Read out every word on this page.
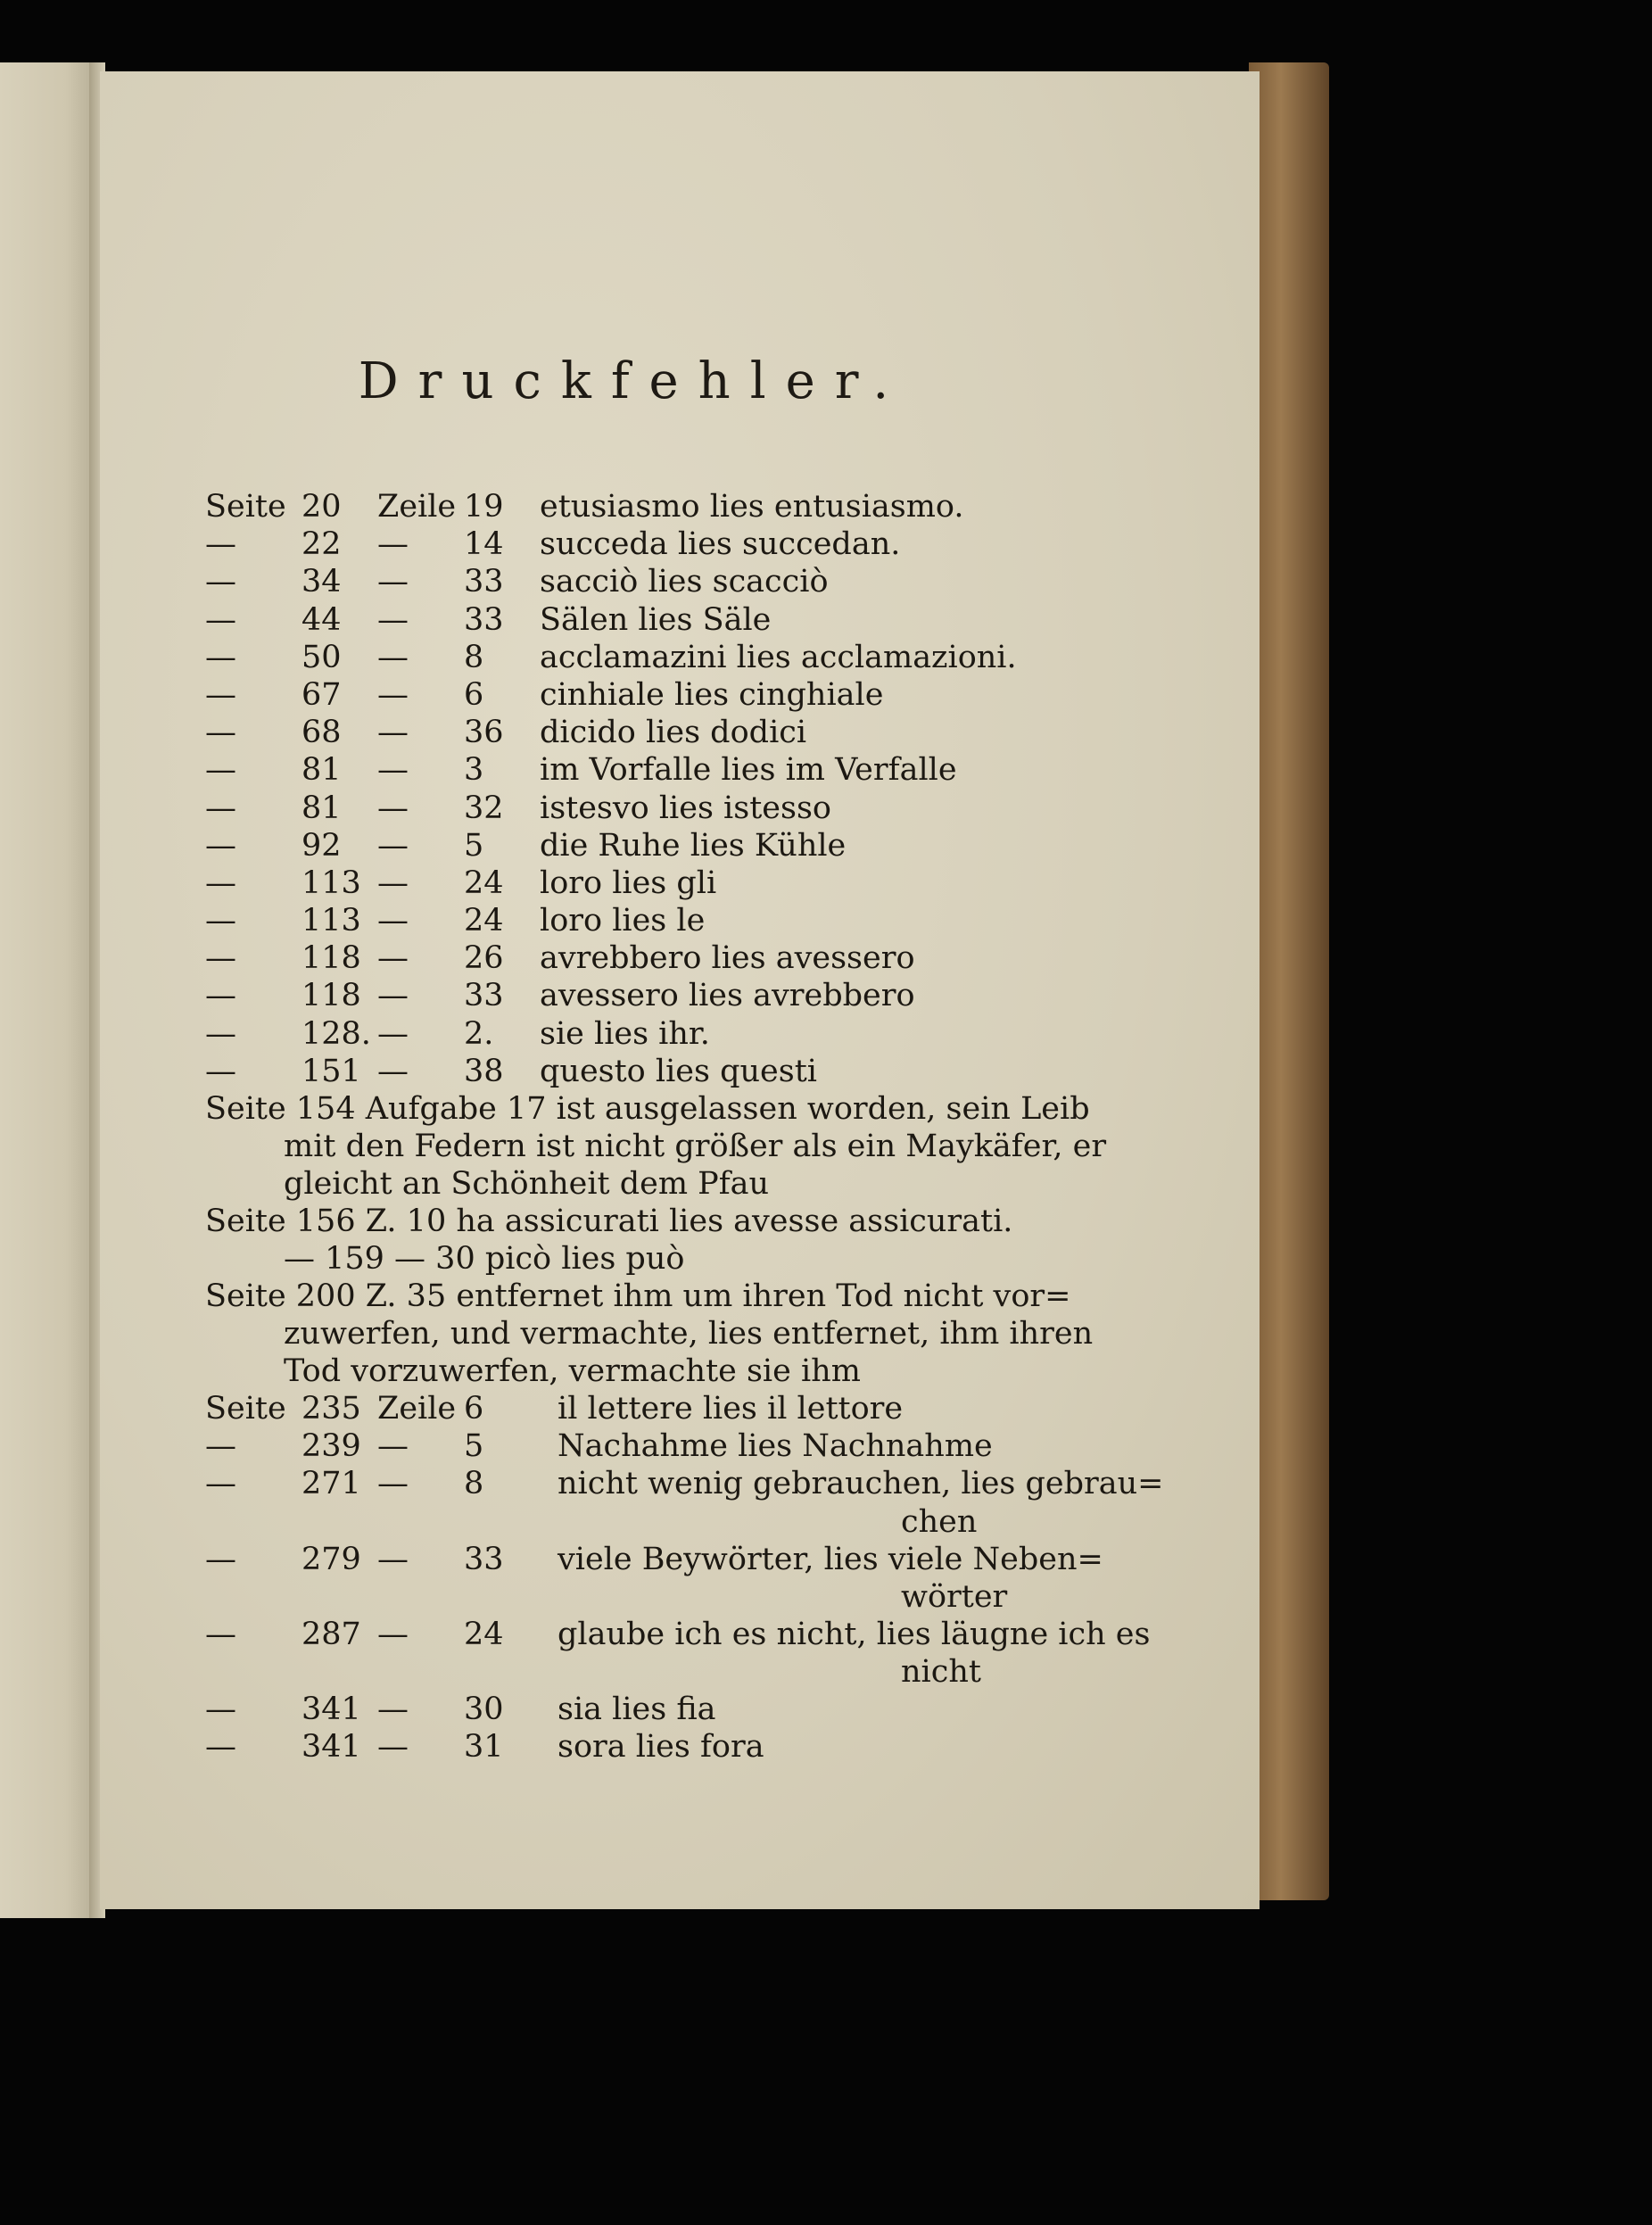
Druckfehler.
Seite 20 Zeile 19 etusiasmo lies entusiasmo.
— 22 — 14 succeda lies succedan.
— 34 — 33 sacciò lies scacciò
— 44 — 33 Sälen lies Säle
— 50 — 8 acclamazini lies acclamazioni.
— 67 — 6 cinhiale lies cinghiale
— 68 — 36 dicido lies dodici
— 81 — 3 im Vorfalle lies im Verfalle
— 81 — 32 istesvo lies istesso
— 92 — 5 die Ruhe lies Kühle
— 113 — 24 loro lies gli
— 113 — 24 loro lies le
— 118 — 26 avrebbero lies avessero
— 118 — 33 avessero lies avrebbero
— 128. — 2. sie lies ihr.
— 151 — 38 questo lies questi
Seite 154 Aufgabe 17 ist ausgelassen worden, sein Leib
mit den Federn ist nicht größer als ein Maykäfer, er
gleicht an Schönheit dem Pfau
Seite 156 Z. 10 ha assicurati lies avesse assicurati.
— 159 — 30 picò lies può
Seite 200 Z. 35 entfernet ihm um ihren Tod nicht vor=
zuwerfen, und vermachte, lies entfernet, ihm ihren
Tod vorzuwerfen, vermachte sie ihm
Seite 235 Zeile 6 il lettere lies il lettore
— 239 — 5 Nachahme lies Nachnahme
— 271 — 8 nicht wenig gebrauchen, lies gebrau=
chen
— 279 — 33 viele Beywörter, lies viele Neben=
wörter
— 287 — 24 glaube ich es nicht, lies läugne ich es
nicht
— 341 — 30 sia lies fia
— 341 — 31 sora lies fora
